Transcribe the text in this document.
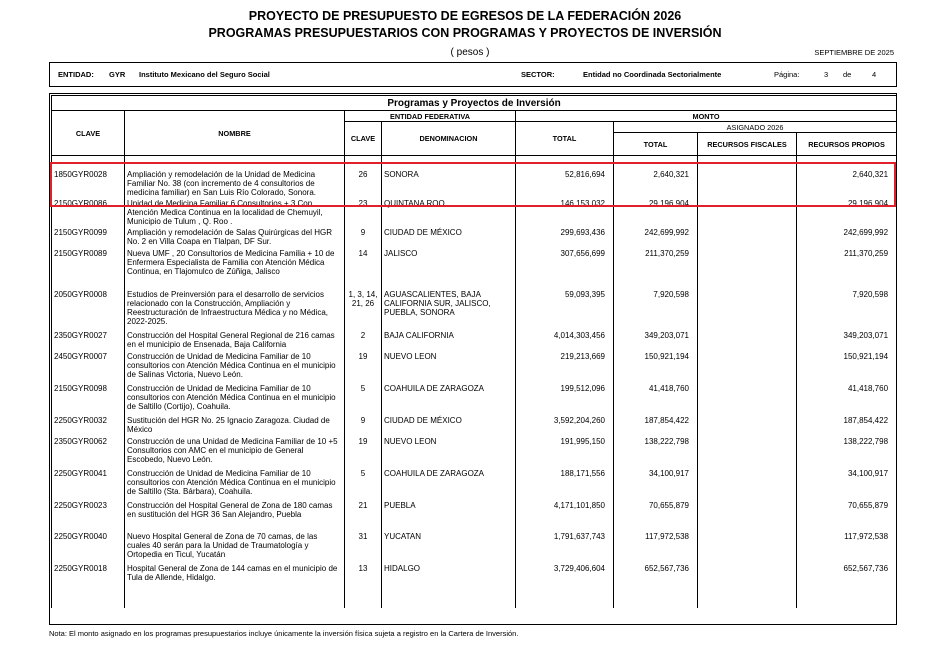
PROYECTO DE PRESUPUESTO DE EGRESOS DE LA FEDERACIÓN 2026
PROGRAMAS PRESUPUESTARIOS CON PROGRAMAS Y PROYECTOS DE INVERSIÓN
( pesos )	SEPTIEMBRE DE 2025
ENTIDAD: GYR Instituto Mexicano del Seguro Social	SECTOR:	Entidad no Coordinada Sectorialmente	Página:	3 de	4
Programas y Proyectos de Inversión							
CLAVE	NOMBRE	ENTIDAD FEDERATIVA		MONTO			
		CLAVE	DENOMINACION	TOTAL	ASIGNADO 2026		
					TOTAL	RECURSOS FISCALES	RECURSOS PROPIOS

1850GYR0028	Ampliación y remodelación de la Unidad de Medicina Familiar No. 38 (con incremento de 4 consultorios de medicina familiar) en San Luis Río Colorado, Sonora.	26	SONORA	52,816,694	2,640,321		2,640,321
2150GYR0086	Unidad de Medicina Familiar 6 Consultorios + 3 Con Atención Medica Continua en la localidad de Chemuyil, Municipio de Tulum , Q. Roo .	23	QUINTANA ROO	146,153,032	29,196,904		29,196,904
2150GYR0099	Ampliación y remodelación de Salas Quirúrgicas del HGR No. 2 en Villa Coapa en Tlalpan, DF Sur.	9	CIUDAD DE MÉXICO	299,693,436	242,699,992		242,699,992
2150GYR0089	Nueva UMF , 20 Consultorios de Medicina Familia + 10 de Enfermera Especialista de Familia con Atención Médica Continua, en Tlajomulco de Zúñiga, Jalisco	14	JALISCO	307,656,699	211,370,259		211,370,259
2050GYR0008	Estudios de Preinversión para el desarrollo de servicios relacionado con la Construcción, Ampliación y Reestructuración de Infraestructura Médica y no Médica, 2022-2025.	1, 3, 14, 21, 26	AGUASCALIENTES, BAJA CALIFORNIA SUR, JALISCO, PUEBLA, SONORA	59,093,395	7,920,598		7,920,598
2350GYR0027	Construcción del Hospital General Regional de 216 camas en el municipio de Ensenada, Baja California	2	BAJA CALIFORNIA	4,014,303,456	349,203,071		349,203,071
2450GYR0007	Construcción de Unidad de Medicina Familiar de 10 consultorios con Atención Médica Continua en el municipio de Salinas Victoria, Nuevo León.	19	NUEVO LEON	219,213,669	150,921,194		150,921,194
2150GYR0098	Construcción de Unidad de Medicina Familiar de 10 consultorios con Atención Médica Continua en el municipio de Saltillo (Cortijo), Coahuila.	5	COAHUILA DE ZARAGOZA	199,512,096	41,418,760		41,418,760
2250GYR0032	Sustitución del HGR No. 25 Ignacio Zaragoza. Ciudad de México	9	CIUDAD DE MÉXICO	3,592,204,260	187,854,422		187,854,422
2350GYR0062	Construcción de una Unidad de Medicina Familiar de 10 +5 Consultorios con AMC en el municipio de General Escobedo, Nuevo León.	19	NUEVO LEON	191,995,150	138,222,798		138,222,798
2250GYR0041	Construcción de Unidad de Medicina Familiar de 10 consultorios con Atención Médica Continua en el municipio de Saltillo (Sta. Bárbara), Coahuila.	5	COAHUILA DE ZARAGOZA	188,171,556	34,100,917		34,100,917
2250GYR0023	Construcción del Hospital General de Zona de 180 camas en sustitución del HGR 36 San Alejandro, Puebla	21	PUEBLA	4,171,101,850	70,655,879		70,655,879
2250GYR0040	Nuevo Hospital General de Zona de 70 camas, de las cuales 40 serán para la Unidad de Traumatología y Ortopedia en Ticul, Yucatán	31	YUCATAN	1,791,637,743	117,972,538		117,972,538
2250GYR0018	Hospital General de Zona de 144 camas en el municipio de Tula de Allende, Hidalgo.	13	HIDALGO	3,729,406,604	652,567,736		652,567,736

Nota: El monto asignado en los programas presupuestarios incluye únicamente la inversión física sujeta a registro en la Cartera de Inversión.
